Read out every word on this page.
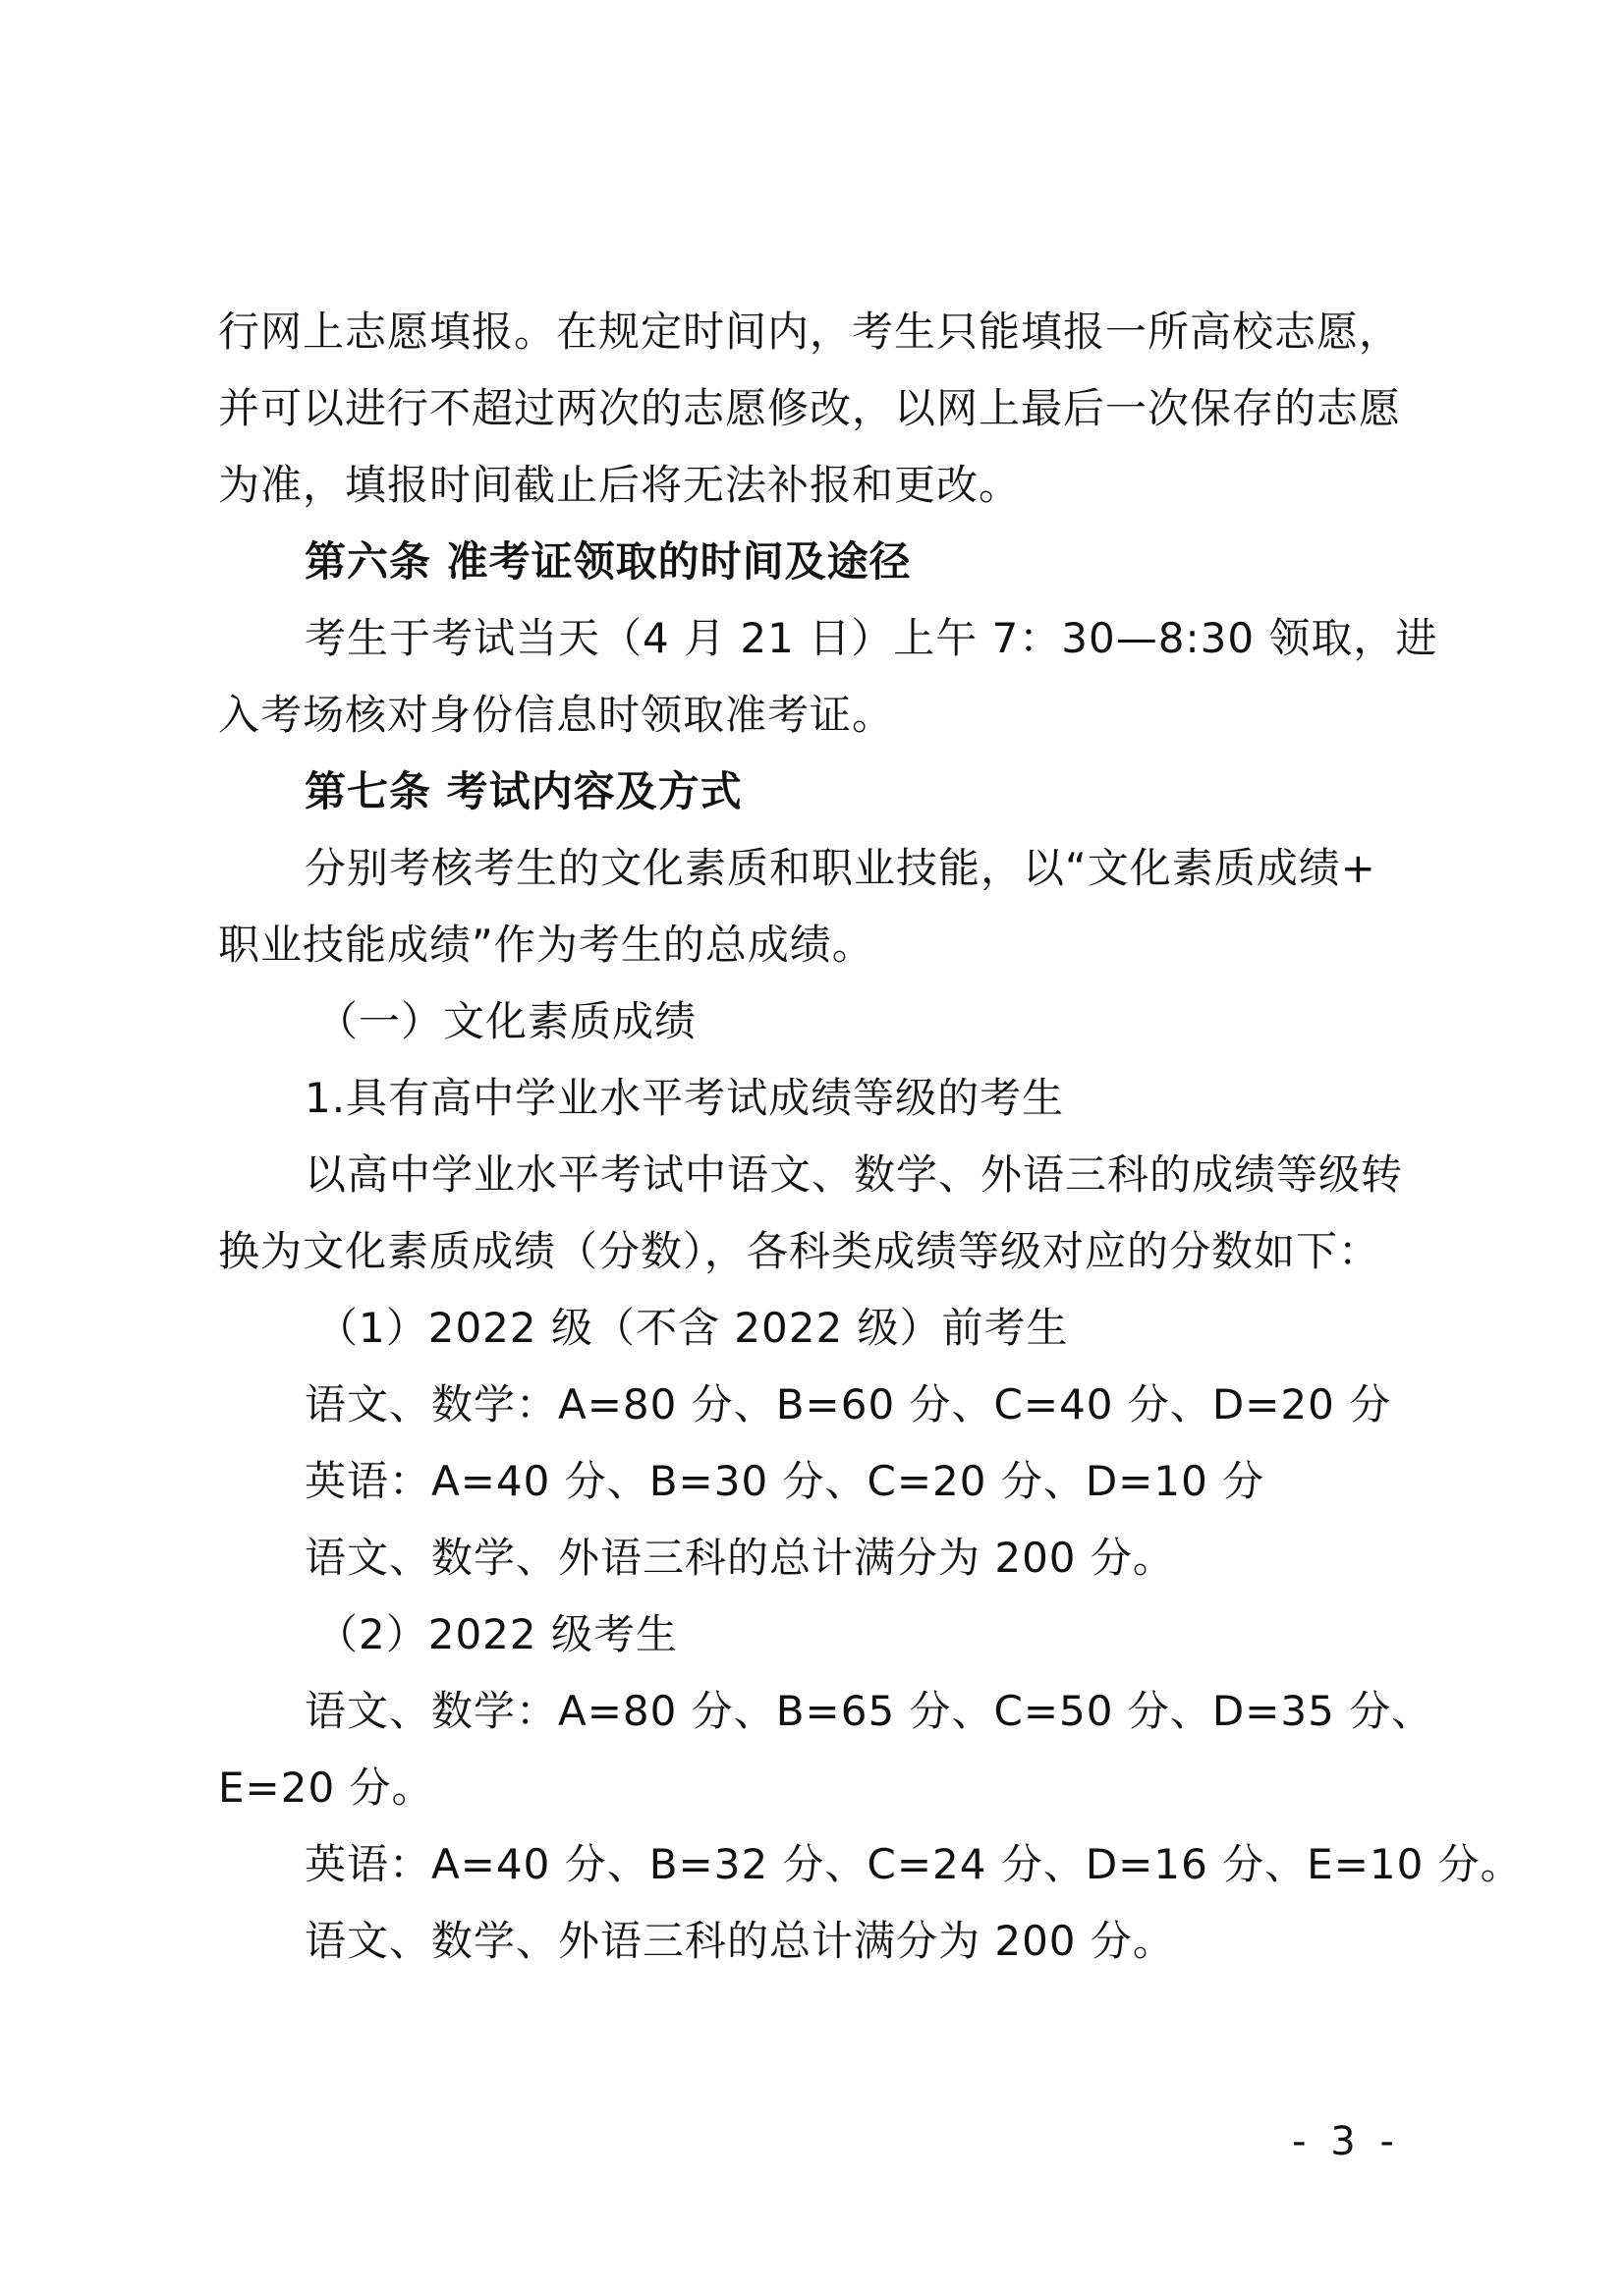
行网上志愿填报。在规定时间内，考生只能填报一所高校志愿，
并可以进行不超过两次的志愿修改，以网上最后一次保存的志愿
为准，填报时间截止后将无法补报和更改。
第六条 准考证领取的时间及途径
考生于考试当天（4 月 21 日）上午 7：30—8:30 领取，进
入考场核对身份信息时领取准考证。
第七条 考试内容及方式
分别考核考生的文化素质和职业技能，以“文化素质成绩+
职业技能成绩”作为考生的总成绩。
（一）文化素质成绩
1.具有高中学业水平考试成绩等级的考生
以高中学业水平考试中语文、数学、外语三科的成绩等级转
换为文化素质成绩（分数），各科类成绩等级对应的分数如下：
（1）2022 级（不含 2022 级）前考生
语文、数学：A=80 分、B=60 分、C=40 分、D=20 分
英语：A=40 分、B=30 分、C=20 分、D=10 分
语文、数学、外语三科的总计满分为 200 分。
（2）2022 级考生
语文、数学：A=80 分、B=65 分、C=50 分、D=35 分、
E=20 分。
英语：A=40 分、B=32 分、C=24 分、D=16 分、E=10 分。
语文、数学、外语三科的总计满分为 200 分。
- 3 -
